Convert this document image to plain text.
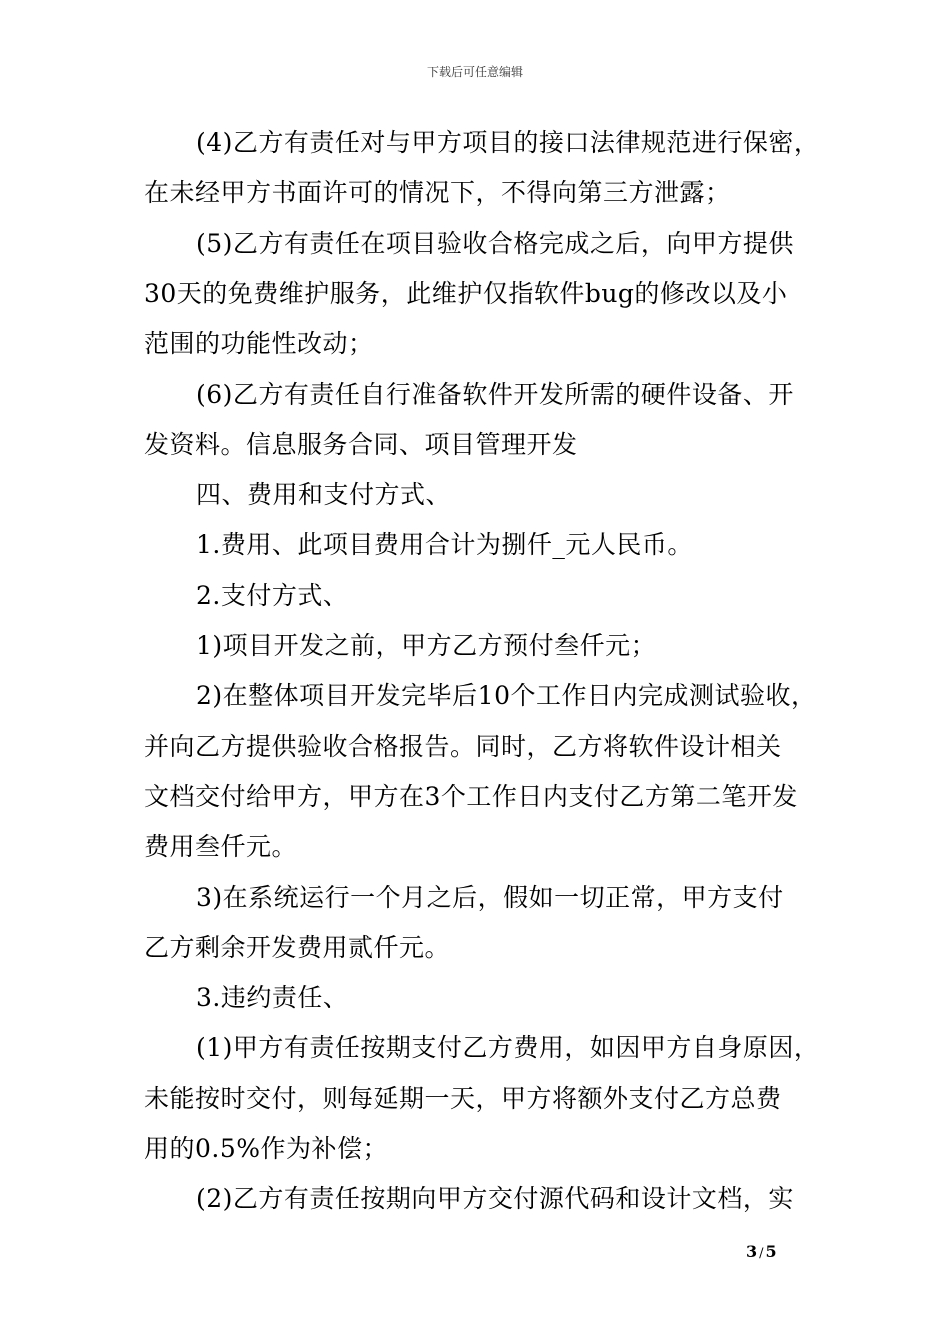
下载后可任意编辑
(4)乙方有责任对与甲方项目的接口法律规范进行保密，
在未经甲方书面许可的情况下，不得向第三方泄露；
(5)乙方有责任在项目验收合格完成之后，向甲方提供
30天的免费维护服务，此维护仅指软件bug的修改以及小
范围的功能性改动；
(6)乙方有责任自行准备软件开发所需的硬件设备、开
发资料。信息服务合同、项目管理开发
四、费用和支付方式、
1.费用、此项目费用合计为捌仟_元人民币。
2.支付方式、
1)项目开发之前，甲方乙方预付叁仟元；
2)在整体项目开发完毕后10个工作日内完成测试验收，
并向乙方提供验收合格报告。同时，乙方将软件设计相关
文档交付给甲方，甲方在3个工作日内支付乙方第二笔开发
费用叁仟元。
3)在系统运行一个月之后，假如一切正常，甲方支付
乙方剩余开发费用贰仟元。
3.违约责任、
(1)甲方有责任按期支付乙方费用，如因甲方自身原因，
未能按时交付，则每延期一天，甲方将额外支付乙方总费
用的0.5%作为补偿；
(2)乙方有责任按期向甲方交付源代码和设计文档，实
3 / 5
